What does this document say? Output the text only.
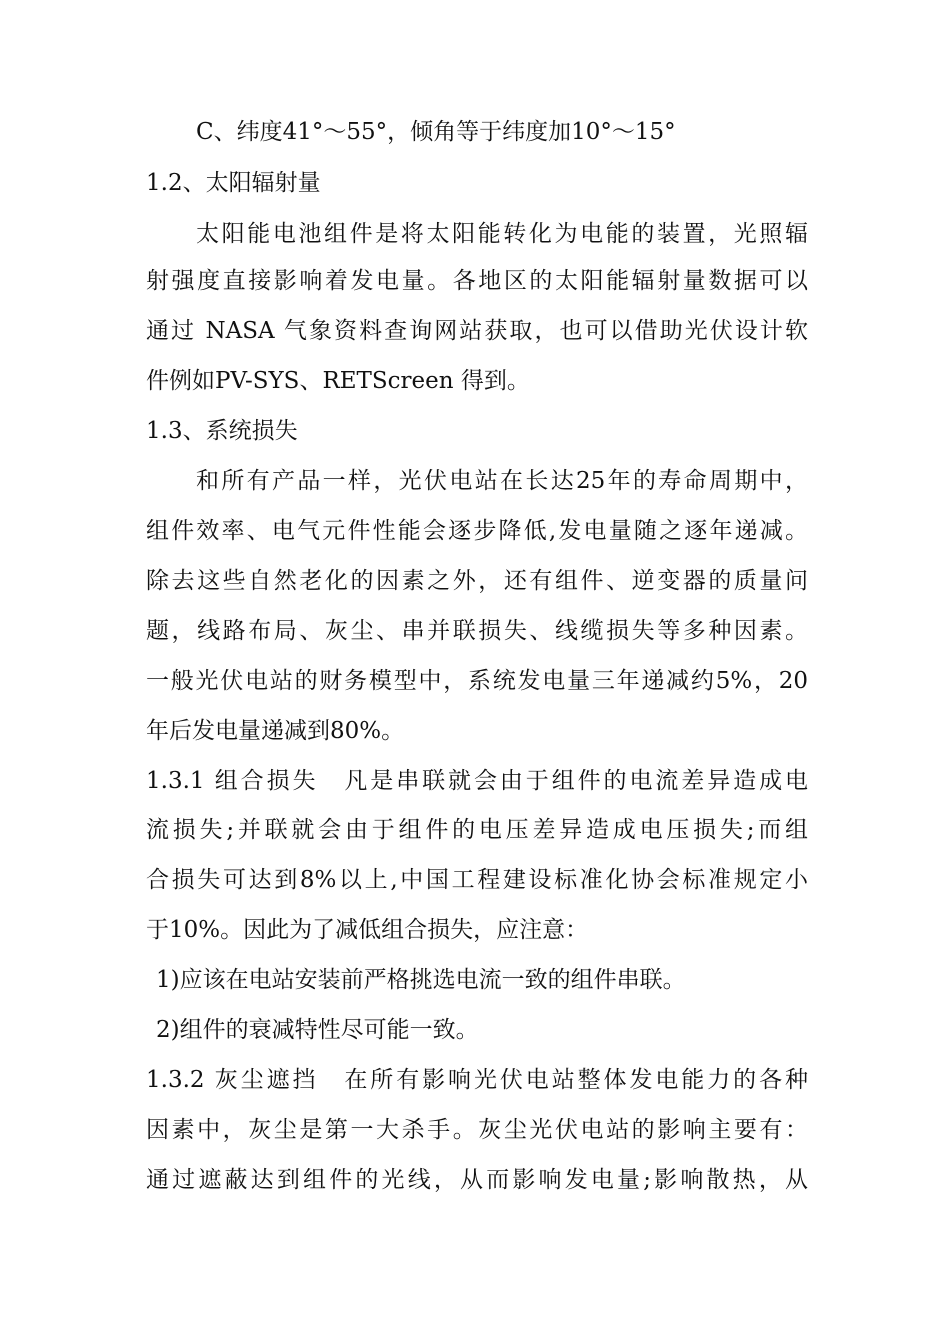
C、纬度41°～55°，倾角等于纬度加10°～15°
1.2、太阳辐射量
太阳能电池组件是将太阳能转化为电能的装置，光照辐
射强度直接影响着发电量。各地区的太阳能辐射量数据可以
通过 NASA 气象资料查询网站获取，也可以借助光伏设计软
件例如PV-SYS、RETScreen 得到。
1.3、系统损失
和所有产品一样，光伏电站在长达25年的寿命周期中，
组件效率、电气元件性能会逐步降低,发电量随之逐年递减。
除去这些自然老化的因素之外，还有组件、逆变器的质量问
题，线路布局、灰尘、串并联损失、线缆损失等多种因素。
一般光伏电站的财务模型中，系统发电量三年递减约5%，20
年后发电量递减到80%。
1.3.1 组合损失　凡是串联就会由于组件的电流差异造成电
流损失;并联就会由于组件的电压差异造成电压损失;而组
合损失可达到8%以上,中国工程建设标准化协会标准规定小
于10%。因此为了减低组合损失，应注意：
1)应该在电站安装前严格挑选电流一致的组件串联。
2)组件的衰减特性尽可能一致。
1.3.2 灰尘遮挡　在所有影响光伏电站整体发电能力的各种
因素中，灰尘是第一大杀手。灰尘光伏电站的影响主要有：
通过遮蔽达到组件的光线，从而影响发电量;影响散热，从
